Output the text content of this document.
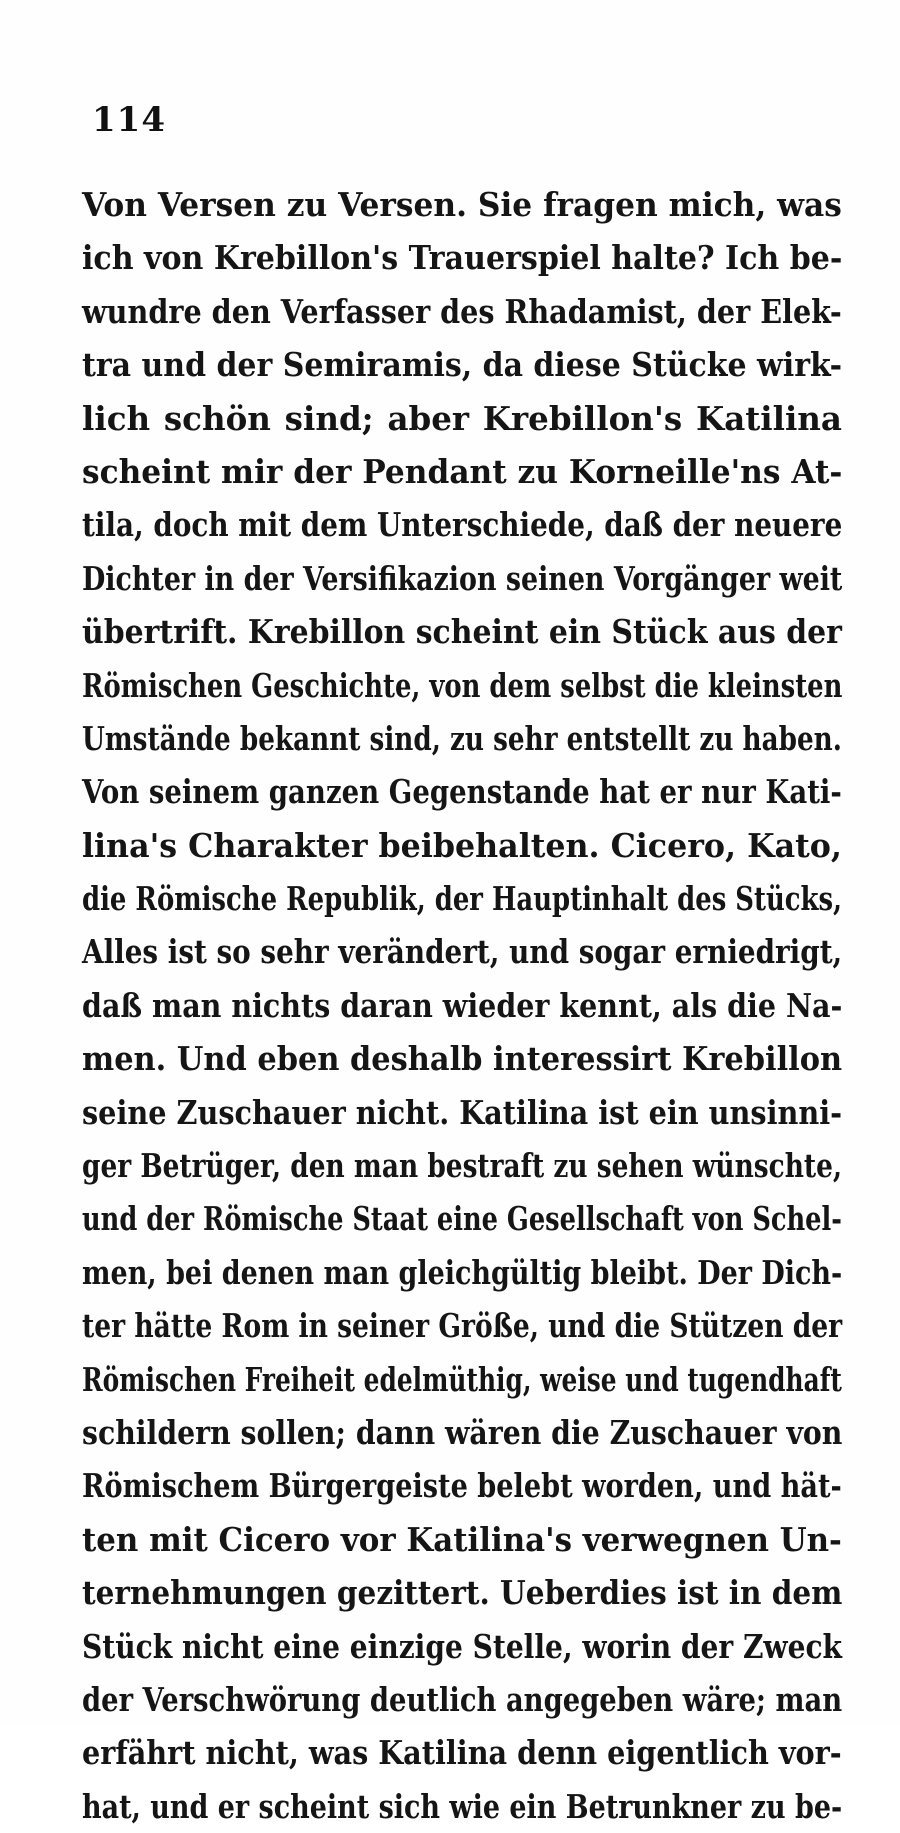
114
Von Versen zu Versen. Sie fragen mich, was
ich von Krebillon's Trauerspiel halte? Ich be-
wundre den Verfasser des Rhadamist, der Elek-
tra und der Semiramis, da diese Stücke wirk-
lich schön sind; aber Krebillon's Katilina
scheint mir der Pendant zu Korneille'ns At-
tila, doch mit dem Unterschiede, daß der neuere
Dichter in der Versifikazion seinen Vorgänger weit
übertrift. Krebillon scheint ein Stück aus der
Römischen Geschichte, von dem selbst die kleinsten
Umstände bekannt sind, zu sehr entstellt zu haben.
Von seinem ganzen Gegenstande hat er nur Kati-
lina's Charakter beibehalten. Cicero, Kato,
die Römische Republik, der Hauptinhalt des Stücks,
Alles ist so sehr verändert, und sogar erniedrigt,
daß man nichts daran wieder kennt, als die Na-
men. Und eben deshalb interessirt Krebillon
seine Zuschauer nicht. Katilina ist ein unsinni-
ger Betrüger, den man bestraft zu sehen wünschte,
und der Römische Staat eine Gesellschaft von Schel-
men, bei denen man gleichgültig bleibt. Der Dich-
ter hätte Rom in seiner Größe, und die Stützen der
Römischen Freiheit edelmüthig, weise und tugendhaft
schildern sollen; dann wären die Zuschauer von
Römischem Bürgergeiste belebt worden, und hät-
ten mit Cicero vor Katilina's verwegnen Un-
ternehmungen gezittert. Ueberdies ist in dem
Stück nicht eine einzige Stelle, worin der Zweck
der Verschwörung deutlich angegeben wäre; man
erfährt nicht, was Katilina denn eigentlich vor-
hat, und er scheint sich wie ein Betrunkner zu be-
